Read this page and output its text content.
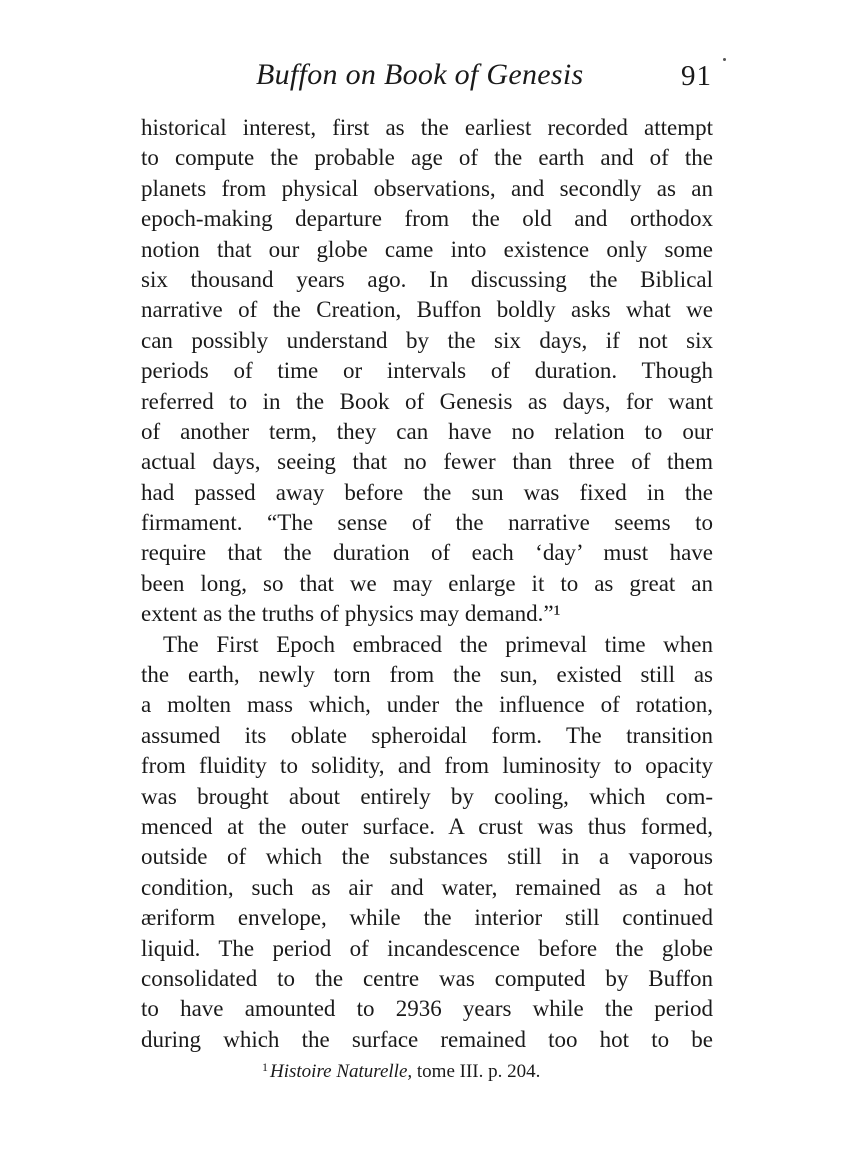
Buffon on Book of Genesis	91
historical interest, first as the earliest recorded attempt
to compute the probable age of the earth and of the
planets from physical observations, and secondly as an
epoch-making departure from the old and orthodox
notion that our globe came into existence only some
six thousand years ago. In discussing the Biblical
narrative of the Creation, Buffon boldly asks what we
can possibly understand by the six days, if not six
periods of time or intervals of duration. Though
referred to in the Book of Genesis as days, for want
of another term, they can have no relation to our
actual days, seeing that no fewer than three of them
had passed away before the sun was fixed in the
firmament. “The sense of the narrative seems to
require that the duration of each ‘day’ must have
been long, so that we may enlarge it to as great an
extent as the truths of physics may demand.”¹
The First Epoch embraced the primeval time when
the earth, newly torn from the sun, existed still as
a molten mass which, under the influence of rotation,
assumed its oblate spheroidal form. The transition
from fluidity to solidity, and from luminosity to opacity
was brought about entirely by cooling, which com-
menced at the outer surface. A crust was thus formed,
outside of which the substances still in a vaporous
condition, such as air and water, remained as a hot
æriform envelope, while the interior still continued
liquid. The period of incandescence before the globe
consolidated to the centre was computed by Buffon
to have amounted to 2936 years while the period
during which the surface remained too hot to be
$^1$ Histoire Naturelle, tome III. p. 204.
